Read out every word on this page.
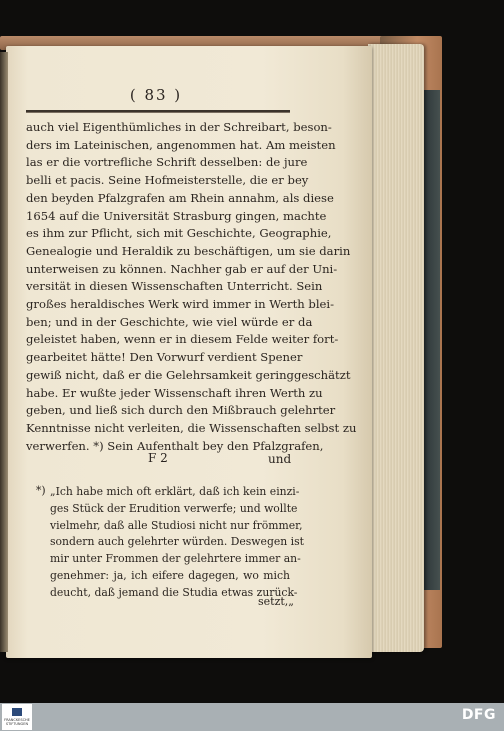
( 83 )
auch viel Eigenthümliches in der Schreibart, beson-
ders im Lateinischen, angenommen hat. Am meisten
las er die vortrefliche Schrift desselben: de jure
belli et pacis. Seine Hofmeisterstelle, die er bey
den beyden Pfalzgrafen am Rhein annahm, als diese
1654 auf die Universität Strasburg gingen, machte
es ihm zur Pflicht, sich mit Geschichte, Geographie,
Genealogie und Heraldik zu beschäftigen, um sie darin
unterweisen zu können. Nachher gab er auf der Uni-
versität in diesen Wissenschaften Unterricht. Sein
großes heraldisches Werk wird immer in Werth blei-
ben; und in der Geschichte, wie viel würde er da
geleistet haben, wenn er in diesem Felde weiter fort-
gearbeitet hätte! Den Vorwurf verdient Spener
gewiß nicht, daß er die Gelehrsamkeit geringgeschätzt
habe. Er wußte jeder Wissenschaft ihren Werth zu
geben, und ließ sich durch den Mißbrauch gelehrter
Kenntnisse nicht verleiten, die Wissenschaften selbst zu
verwerfen. *) Sein Aufenthalt bey den Pfalzgrafen,
F 2	und
*) „Ich habe mich oft erklärt, daß ich kein einzi-
ges Stück der Erudition verwerfe; und wollte
vielmehr, daß alle Studiosi nicht nur frömmer,
sondern auch gelehrter würden. Deswegen ist
mir unter Frommen der gelehrtere immer an-
genehmer: ja, ich eifere dagegen, wo mich
deucht, daß jemand die Studia etwas zurück-
setzt,„
FRANCKESCHE STIFTUNGEN
DFG
